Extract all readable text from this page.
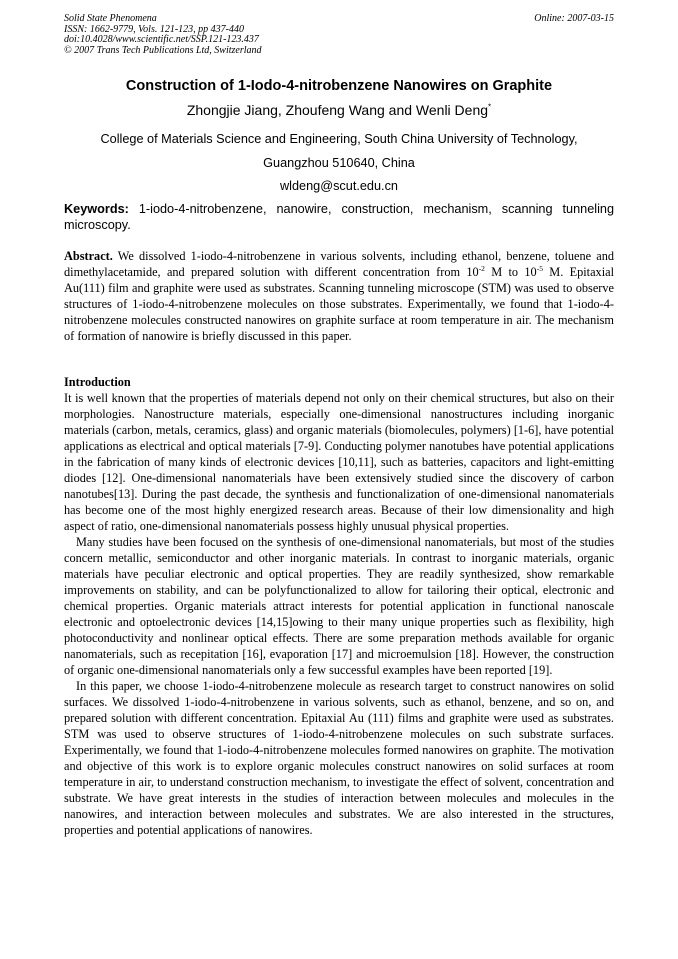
Solid State Phenomena
ISSN: 1662-9779, Vols. 121-123, pp 437-440
doi:10.4028/www.scientific.net/SSP.121-123.437
© 2007 Trans Tech Publications Ltd, Switzerland
Online: 2007-03-15
Construction of 1-Iodo-4-nitrobenzene Nanowires on Graphite
Zhongjie Jiang, Zhoufeng Wang and Wenli Deng*
College of Materials Science and Engineering, South China University of Technology,
Guangzhou 510640, China
wldeng@scut.edu.cn
Keywords: 1-iodo-4-nitrobenzene, nanowire, construction, mechanism, scanning tunneling microscopy.
Abstract. We dissolved 1-iodo-4-nitrobenzene in various solvents, including ethanol, benzene, toluene and dimethylacetamide, and prepared solution with different concentration from $10^{-2}$ M to $10^{-5}$ M. Epitaxial Au(111) film and graphite were used as substrates. Scanning tunneling microscope (STM) was used to observe structures of 1-iodo-4-nitrobenzene molecules on those substrates. Experimentally, we found that 1-iodo-4-nitrobenzene molecules constructed nanowires on graphite surface at room temperature in air. The mechanism of formation of nanowire is briefly discussed in this paper.

Introduction

It is well known that the properties of materials depend not only on their chemical structures, but also on their morphologies. Nanostructure materials, especially one-dimensional nanostructures including inorganic materials (carbon, metals, ceramics, glass) and organic materials (biomolecules, polymers) [1-6], have potential applications as electrical and optical materials [7-9]. Conducting polymer nanotubes have potential applications in the fabrication of many kinds of electronic devices [10,11], such as batteries, capacitors and light-emitting diodes [12]. One-dimensional nanomaterials have been extensively studied since the discovery of carbon nanotubes[13]. During the past decade, the synthesis and functionalization of one-dimensional nanomaterials has become one of the most highly energized research areas. Because of their low dimensionality and high aspect of ratio, one-dimensional nanomaterials possess highly unusual physical properties.

Many studies have been focused on the synthesis of one-dimensional nanomaterials, but most of the studies concern metallic, semiconductor and other inorganic materials. In contrast to inorganic materials, organic materials have peculiar electronic and optical properties. They are readily synthesized, show remarkable improvements on stability, and can be polyfunctionalized to allow for tailoring their optical, electronic and chemical properties. Organic materials attract interests for potential application in functional nanoscale electronic and optoelectronic devices [14,15]owing to their many unique properties such as flexibility, high photoconductivity and nonlinear optical effects. There are some preparation methods available for organic nanomaterials, such as recepitation [16], evaporation [17] and microemulsion [18]. However, the construction of organic one-dimensional nanomaterials only a few successful examples have been reported [19].

In this paper, we choose 1-iodo-4-nitrobenzene molecule as research target to construct nanowires on solid surfaces. We dissolved 1-iodo-4-nitrobenzene in various solvents, such as ethanol, benzene, and so on, and prepared solution with different concentration. Epitaxial Au (111) films and graphite were used as substrates. STM was used to observe structures of 1-iodo-4-nitrobenzene molecules on such substrate surfaces. Experimentally, we found that 1-iodo-4-nitrobenzene molecules formed nanowires on graphite. The motivation and objective of this work is to explore organic molecules construct nanowires on solid surfaces at room temperature in air, to understand construction mechanism, to investigate the effect of solvent, concentration and substrate. We have great interests in the studies of interaction between molecules and molecules in the nanowires, and interaction between molecules and substrates. We are also interested in the structures, properties and potential applications of nanowires.
